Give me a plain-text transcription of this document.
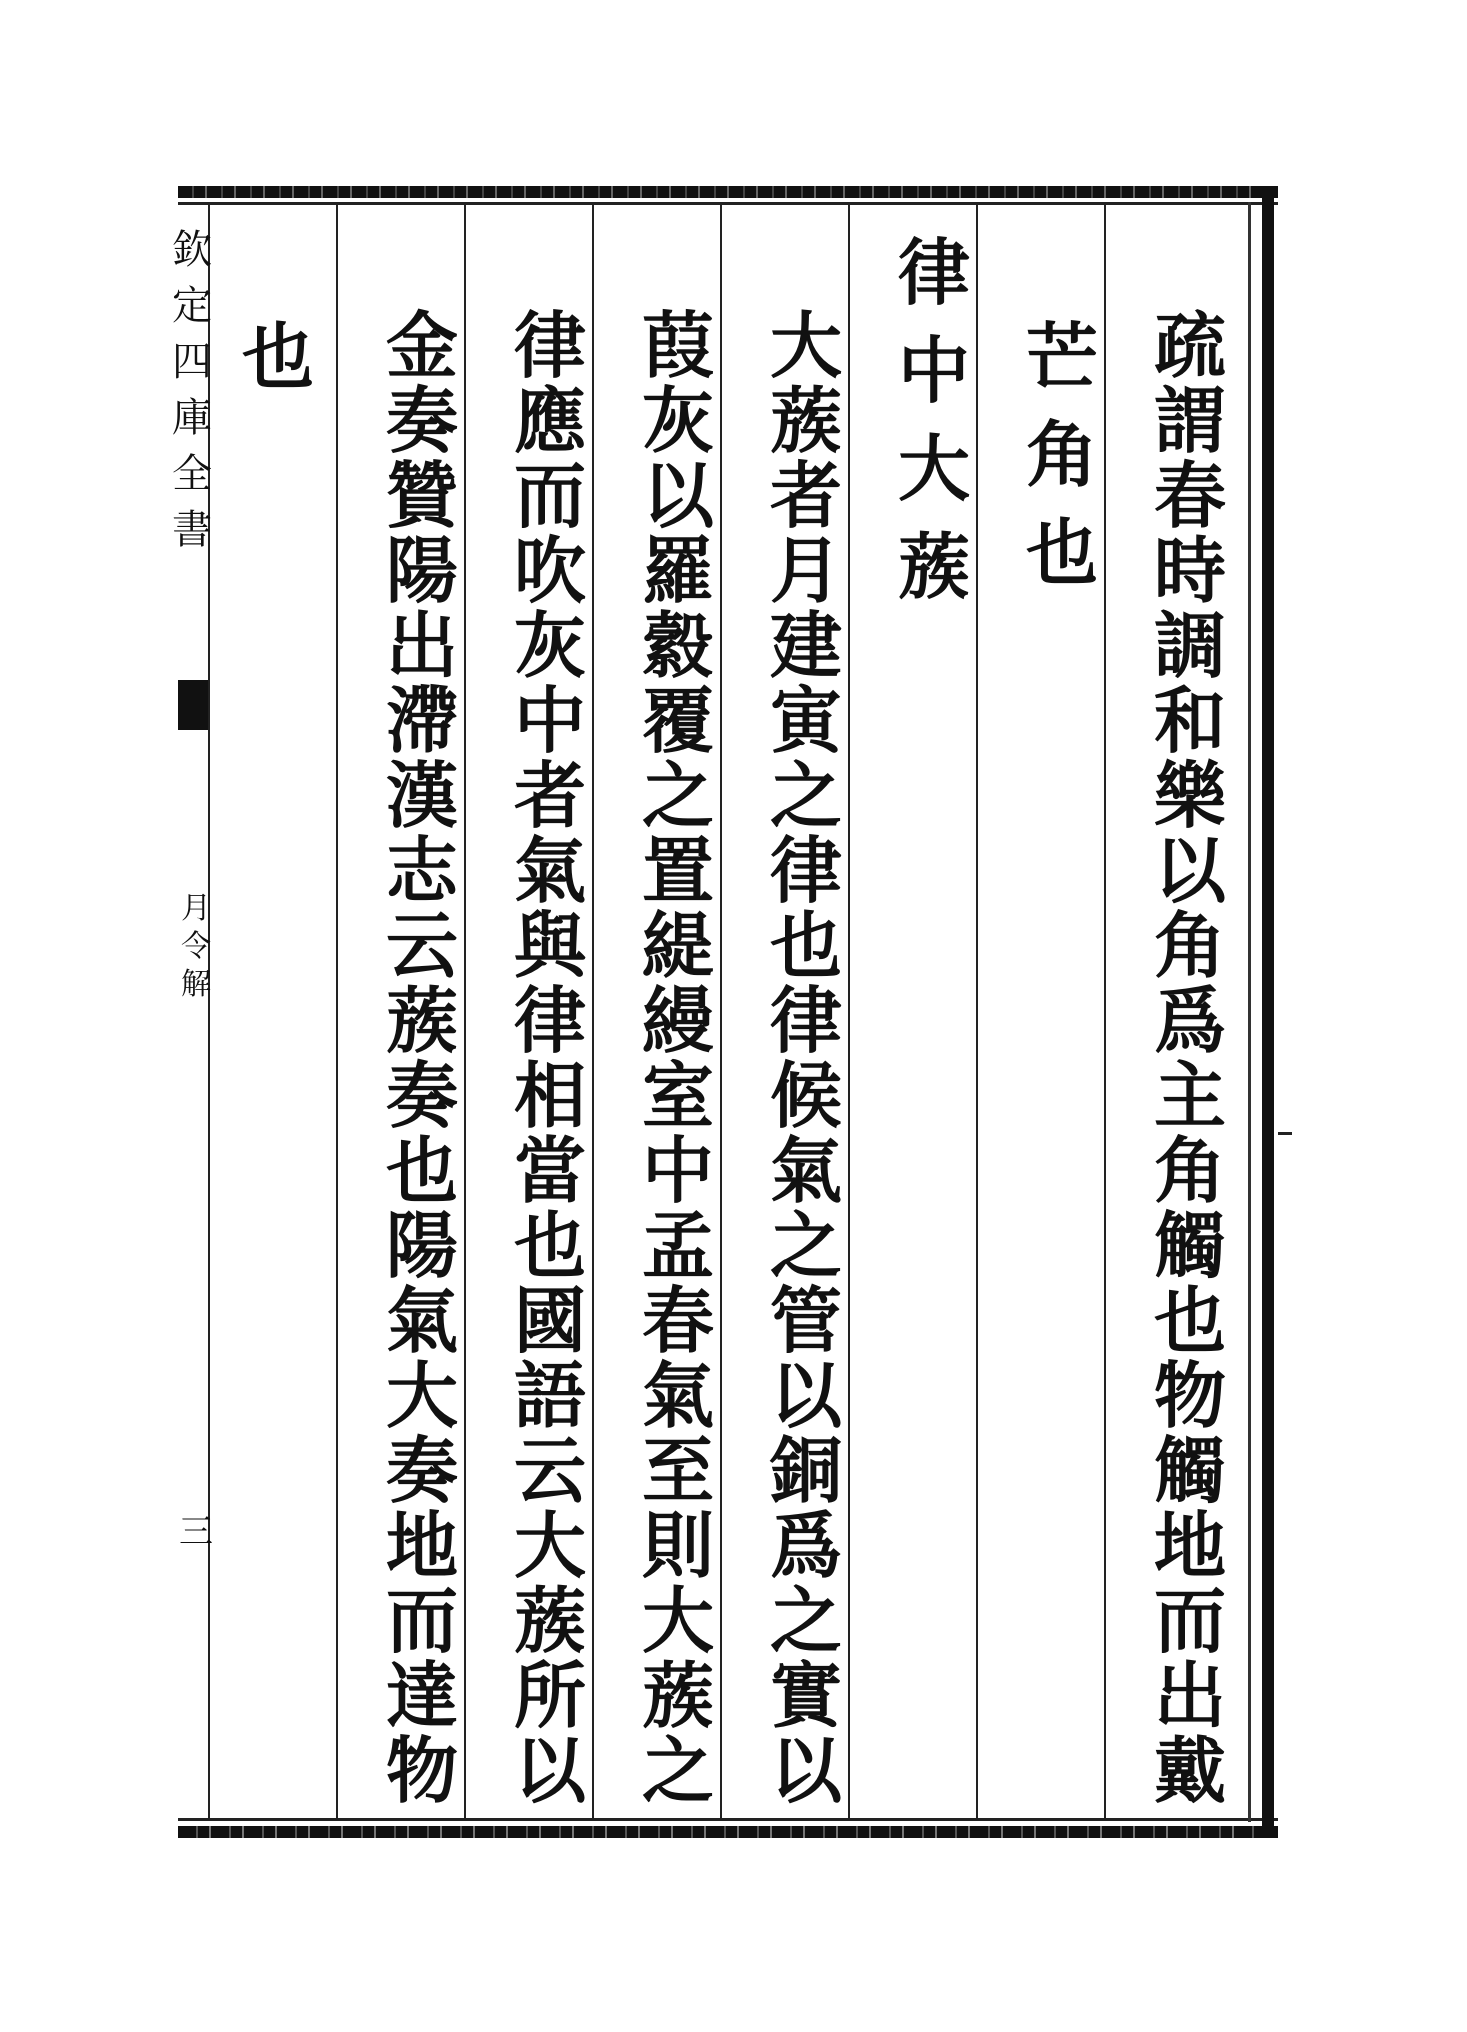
欽定四庫全書
月令解
三
疏謂春時調和樂以角爲主角觸也物觸地而出戴
芒角也
律中大蔟
大蔟者月建寅之律也律候氣之管以銅爲之實以
葭灰以羅縠覆之置緹縵室中孟春氣至則大蔟之
律應而吹灰中者氣與律相當也國語云大蔟所以
金奏贊陽出滯漢志云蔟奏也陽氣大奏地而達物
也
